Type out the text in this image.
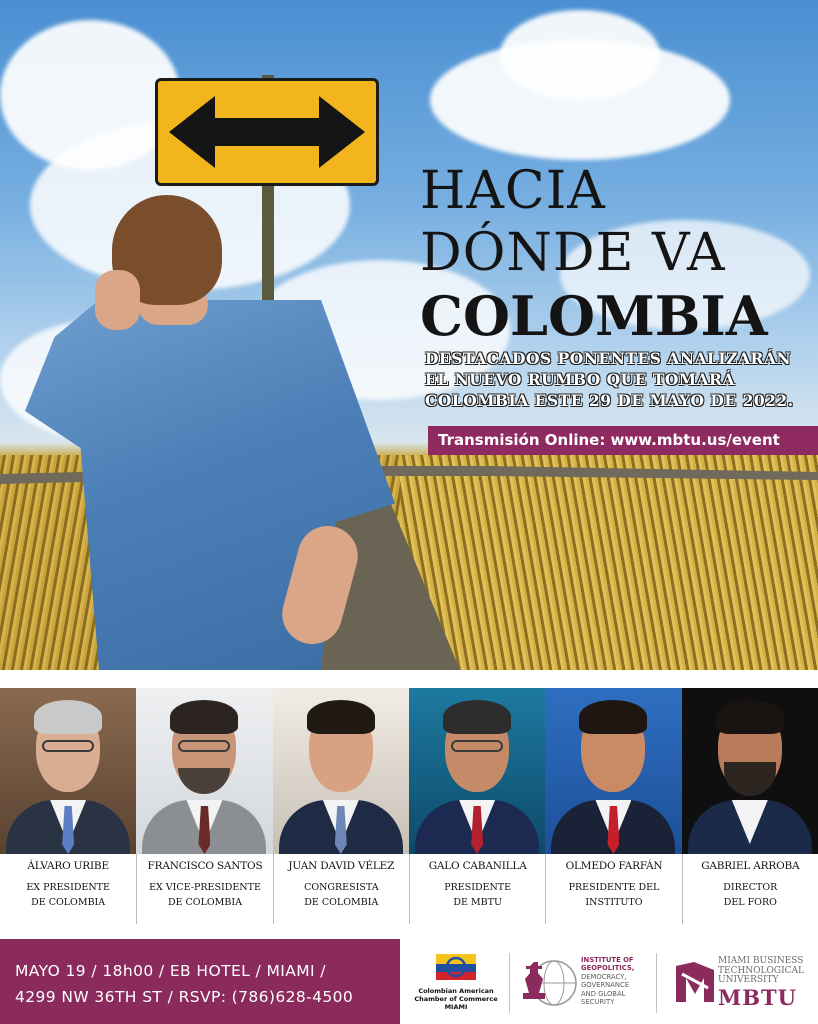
HACIA
DÓNDE VA
COLOMBIA
DESTACADOS PONENTES ANALIZARÁN
EL NUEVO RUMBO QUE TOMARÁ
COLOMBIA ESTE 29 DE MAYO DE 2022.
Transmisión Online: www.mbtu.us/event
ÁLVARO URIBE
EX PRESIDENTE
DE COLOMBIA
FRANCISCO SANTOS
EX VICE-PRESIDENTE
DE COLOMBIA
JUAN DAVID VÉLEZ
CONGRESISTA
DE COLOMBIA
GALO CABANILLA
PRESIDENTE
DE MBTU
OLMEDO FARFÁN
PRESIDENTE DEL
INSTITUTO
GABRIEL ARROBA
DIRECTOR
DEL FORO
MAYO 19 / 18h00 / EB HOTEL / MIAMI /
4299 NW 36TH ST / RSVP: (786)628-4500	Colombian American
Chamber of Commerce
MIAMI
INSTITUTE OF
GEOPOLITICS,
DEMOCRACY,
GOVERNANCE
AND GLOBAL
SECURITY
MIAMI BUSINESS
TECHNOLOGICAL
UNIVERSITY
MBTU
